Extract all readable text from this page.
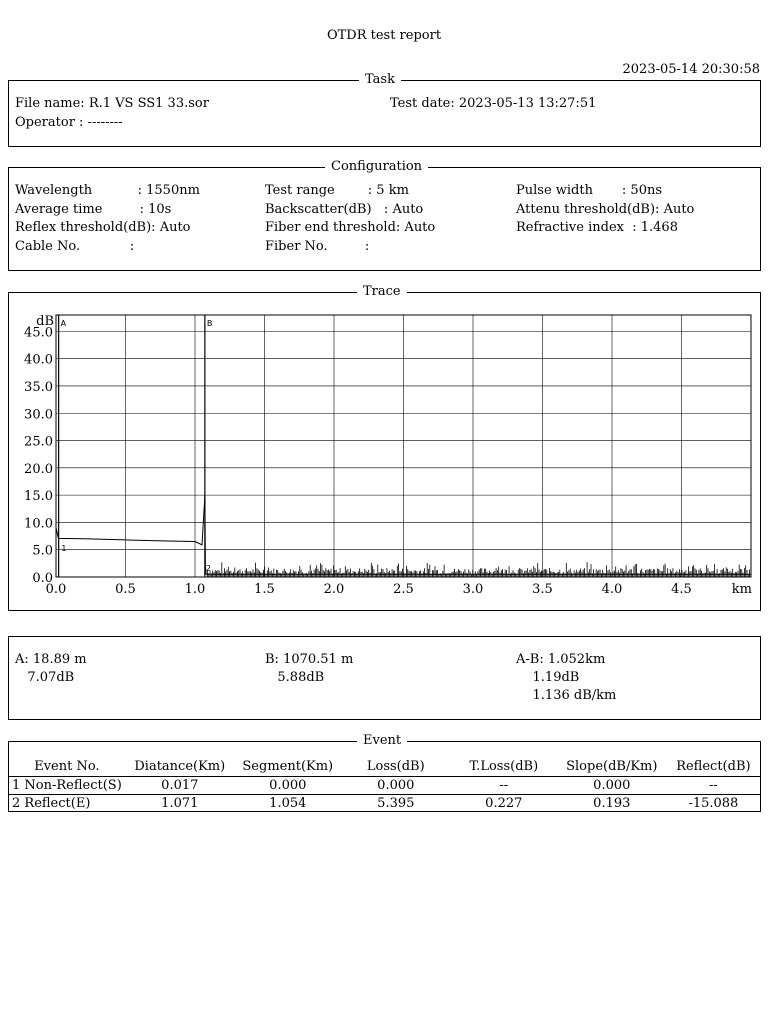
OTDR test report
2023-05-14 20:30:58
Task
File name: R.1 VS SS1 33.sor	Test date: 2023-05-13 13:27:51
Operator : --------
Configuration
Wavelength           : 1550nm	Test range        : 5 km	Pulse width       : 50ns
Average time         : 10s	Backscatter(dB)   : Auto	Attenu threshold(dB): Auto
Reflex threshold(dB): Auto	Fiber end threshold: Auto	Refractive index  : 1.468
Cable No.            :	Fiber No.         :
Trace
45.0
40.0
35.0
30.0
25.0
20.0
15.0
10.0
5.0
0.0
0.0	0.5	1.0	1.5	2.0	2.5	3.0	3.5	4.0	4.5
dB
km
A	B
1
2
A: 18.89 m
7.07dB
B: 1070.51 m
5.88dB
A-B: 1.052km
1.19dB
1.136 dB/km
Event
Event No.	Diatance(Km)	Segment(Km)	Loss(dB)	T.Loss(dB)	Slope(dB/Km)	Reflect(dB)
1 Non-Reflect(S)	0.017	0.000	0.000	--	0.000	--
2 Reflect(E)	1.071	1.054	5.395	0.227	0.193	-15.088
